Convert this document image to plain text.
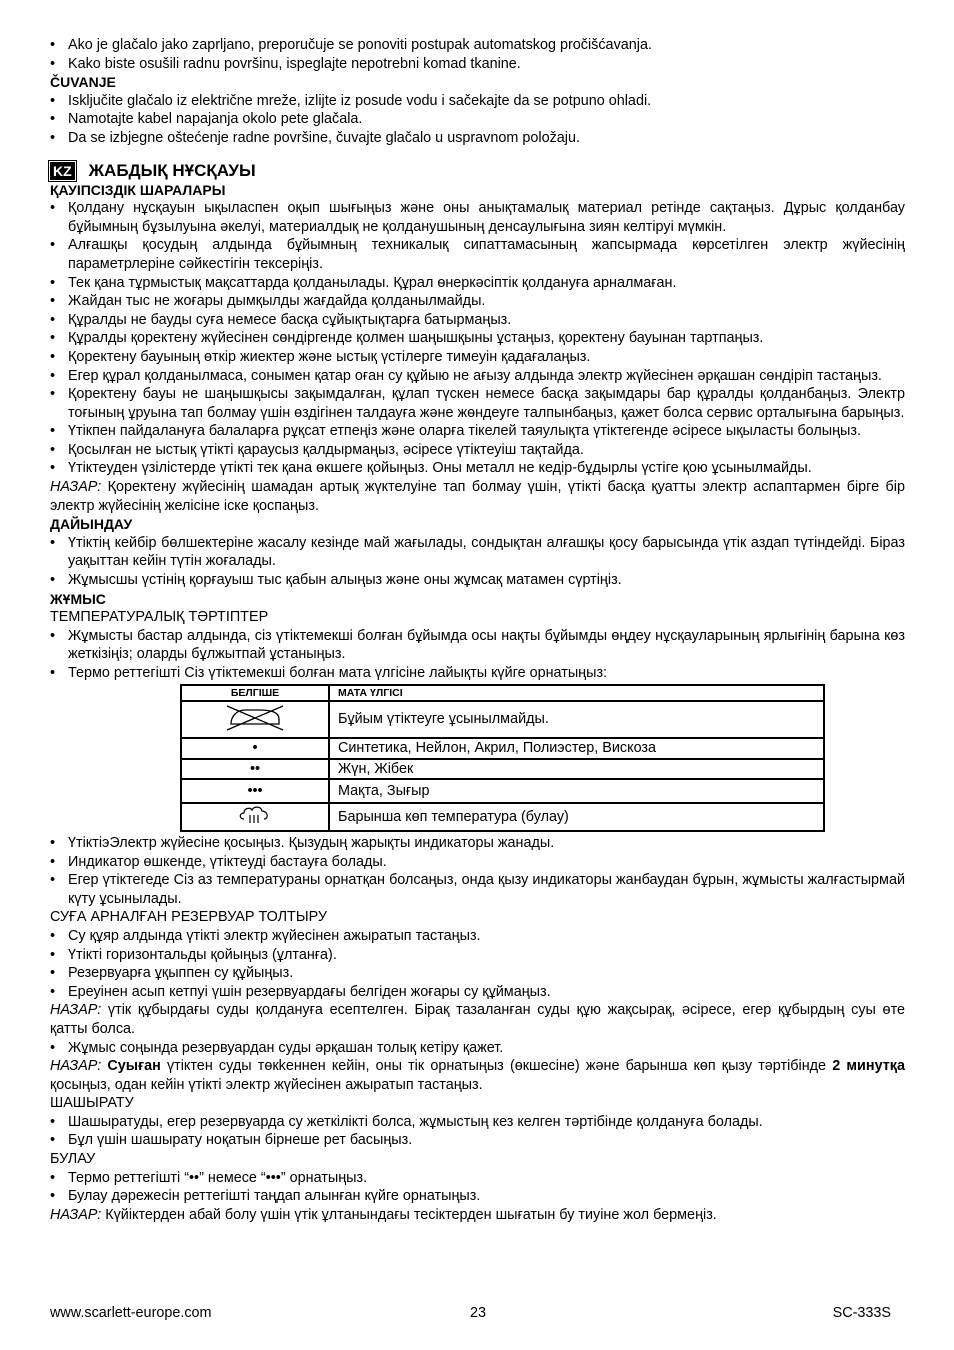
• Ako je glačalo jako zaprljano, preporučuje se ponoviti postupak automatskog pročišćavanja.
• Kako biste osušili radnu površinu, ispeglajte nepotrebni komad tkanine.
ČUVANJE
• Isključite glačalo iz električne mreže, izlijte iz posude vodu i sačekajte da se potpuno ohladi.
• Namotajte kabel napajanja okolo pete glačala.
• Da se izbjegne oštećenje radne površine, čuvajte glačalo u uspravnom položaju.
KZ ЖАБДЫҚ НҰСҚАУЫ
ҚАУІПСІЗДІК ШАРАЛАРЫ
• Қолдану нұсқауын ықыласпен оқып шығыңыз және оны анықтамалық материал ретінде сақтаңыз. Дұрыс қолданбау бұйымның бұзылуына әкелуі, материалдық не қолданушының денсаулығына зиян келтіруі мүмкін.
• Алғашқы қосудың алдында бұйымның техникалық сипаттамасының жапсырмада көрсетілген электр жүйесінің параметрлеріне сәйкестігін тексеріңіз.
• Тек қана тұрмыстық мақсаттарда қолданылады. Құрал өнеркәсіптік қолдануға арналмаған.
• Жайдан тыс не жоғары дымқылды жағдайда қолданылмайды.
• Құралды не бауды суға немесе басқа сұйықтықтарға батырмаңыз.
• Құралды қоректену жүйесінен сөндіргенде қолмен шаңышқыны ұстаңыз, қоректену бауынан тартпаңыз.
• Қоректену бауының өткір жиектер және ыстық үстілерге тимеуін қадағалаңыз.
• Егер құрал қолданылмаса, сонымен қатар оған су құйыю не ағызу алдында электр жүйесінен әрқашан сөндіріп тастаңыз.
• Қоректену бауы не шаңышқысы зақымдалған, құлап түскен немесе басқа зақымдары бар құралды қолданбаңыз. Электр тоғының ұруына тап болмау үшін өздігінен талдауға және жөндеуге талпынбаңыз, қажет болса сервис орталығына барыңыз.
• Үтікпен пайдалануға балаларға рұқсат етпеңіз және оларға тікелей таяулықта үтіктегенде әсіресе ықыласты болыңыз.
• Қосылған не ыстық үтікті қараусыз қалдырмаңыз, әсіресе үтіктеуіш тақтайда.
• Үтіктеуден үзілістерде үтікті тек қана өкшеге қойыңыз. Оны металл не кедір-бұдырлы үстіге қою ұсынылмайды.
НАЗАР: Қоректену жүйесінің шамадан артық жүктелуіне тап болмау үшін, үтікті басқа қуатты электр аспаптармен бірге бір электр жүйесінің желісіне іске қоспаңыз.
ДАЙЫНДАУ
• Үтіктің кейбір бөлшектеріне жасалу кезінде май жағылады, сондықтан алғашқы қосу барысында үтік аздап түтіндейді. Біраз уақыттан кейін түтін жоғалады.
• Жұмысшы үстінің қорғауыш тыс қабын алыңыз және оны жұмсақ матамен сүртіңіз.
ЖҰМЫС
ТЕМПЕРАТУРАЛЫҚ ТӘРТІПТЕР
• Жұмысты бастар алдында, сіз үтіктемекші болған бұйымда осы нақты бұйымды өңдеу нұсқауларының ярлығінің барына көз жеткізіңіз; оларды бұлжытпай ұстаныңыз.
• Термо реттегішті Сіз үтіктемекші болған мата үлгісіне лайықты күйге орнатыңыз:
БЕЛГІШЕ	МАТА ҮЛГІСІ
	Бұйым үтіктеуге ұсынылмайды.
•	Синтетика, Нейлон, Акрил, Полиэстер, Вискоза
••	Жүн, Жібек
•••	Мақта, Зығыр
	Барынша көп температура (булау)
• ҮтіктіэЭлектр жүйесіне қосыңыз. Қызудың жарықты индикаторы жанады.
• Индикатор өшкенде, үтіктеуді бастауға болады.
• Егер үтіктегеде Сіз аз температураны орнатқан болсаңыз, онда қызу индикаторы жанбаудан бұрын, жұмысты жалғастырмай күту ұсынылады.
СУҒА АРНАЛҒАН РЕЗЕРВУАР ТОЛТЫРУ
• Су құяр алдында үтікті электр жүйесінен ажыратып тастаңыз.
• Үтікті горизонтальды қойыңыз (ұлтанға).
• Резервуарға ұқыппен су құйыңыз.
• Ереуінен асып кетпуі үшін резервуардағы белгіден жоғары су құймаңыз.
НАЗАР: үтік құбырдағы суды қолдануға есептелген. Бірақ тазаланған суды құю жақсырақ, әсіресе, егер құбырдың суы өте қатты болса.
• Жұмыс соңында резервуардан суды әрқашан толық кетіру қажет.
НАЗАР: Суыған үтіктен суды төкkеннен кейін, оны тік орнатыңыз (өкшесіне) және барынша көп қызу тәртібінде 2 минутқа қосыңыз, одан кейін үтікті электр жүйесінен ажыратып тастаңыз.
ШАШЫРАТУ
• Шашыратуды, егер резервуарда су жеткілікті болса, жұмыстың кез келген тәртібінде қолдануға болады.
• Бұл үшін шашырату ноқатын бірнеше рет басыңыз.
БУЛАУ
• Термо реттегішті “••” немесе “•••” орнатыңыз.
• Булау дәрежесін реттегішті таңдап алынған күйге орнатыңыз.
НАЗАР: Күйіктерден абай болу үшін үтік ұлтанындағы тесіктерден шығатын бу тиуіне жол бермеңіз.
www.scarlett-europe.com	23	SC-333S
